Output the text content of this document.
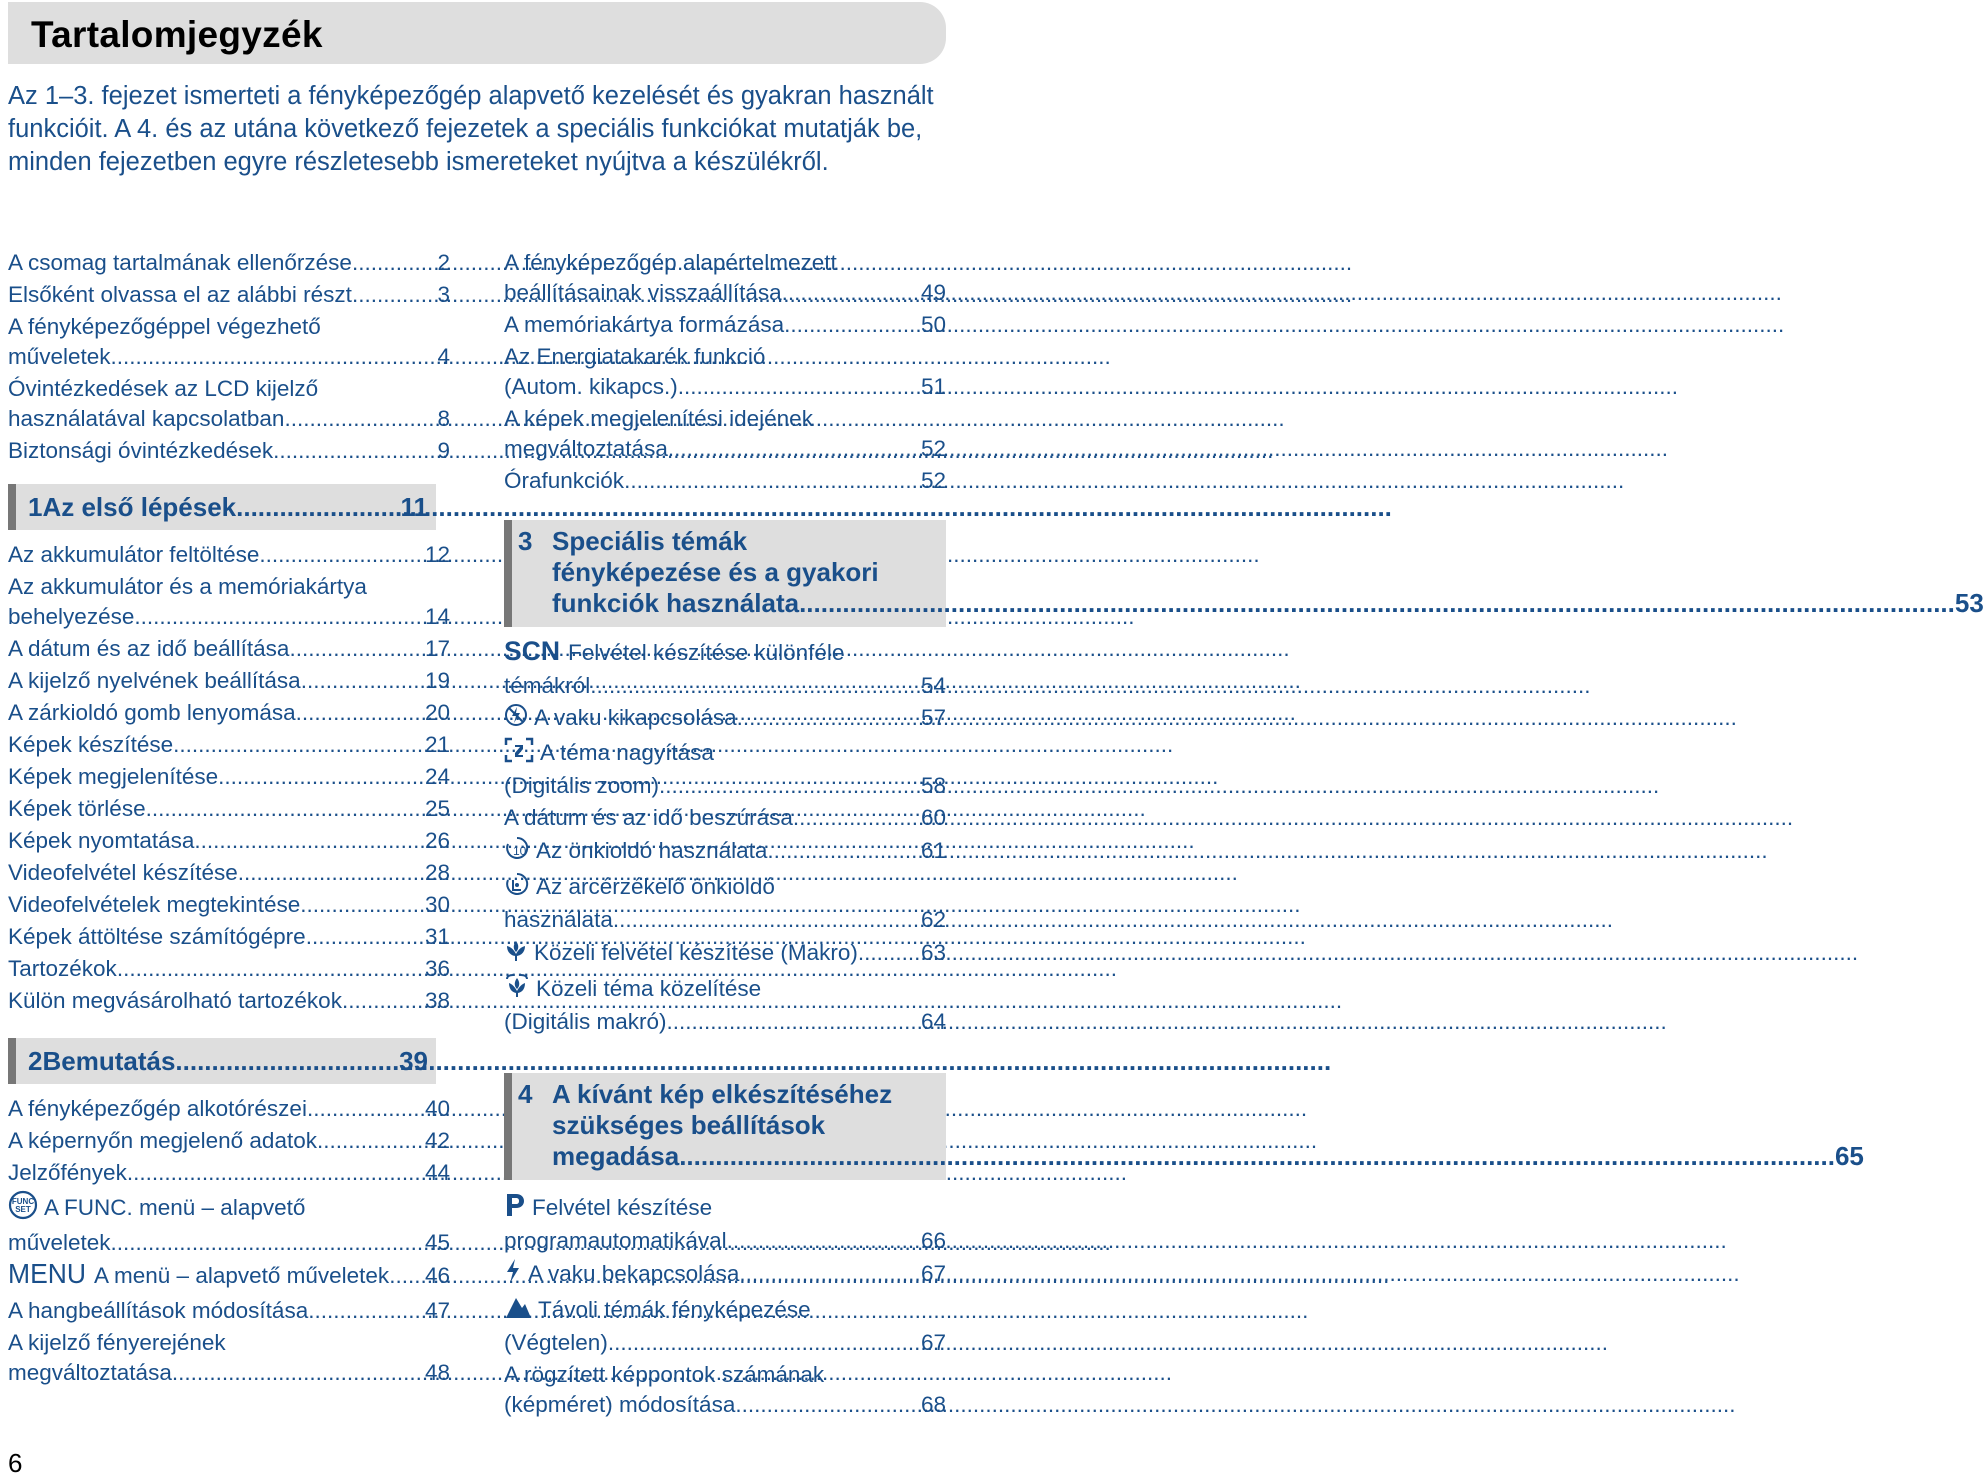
Tartalomjegyzék

Az 1–3. fejezet ismerteti a fényképezőgép alapvető kezelését és gyakran használt funkcióit. A 4. és az utána következő fejezetek a speciális funkciókat mutatják be, minden fejezetben egyre részletesebb ismereteket nyújtva a készülékről.

A csomag tartalmának ellenőrzése .....	2
Elsőként olvassa el az alábbi részt .....	3
A fényképezőgéppel végezhető
műveletek .....	4
Óvintézkedések az LCD kijelző
használatával kapcsolatban .....	8
Biztonsági óvintézkedések .....	9
1 Az első lépések .....	11
Az akkumulátor feltöltése .....	12
Az akkumulátor és a memóriakártya
behelyezése .....	14
A dátum és az idő beállítása .....	17
A kijelző nyelvének beállítása .....	19
A zárkioldó gomb lenyomása .....	20
Képek készítése .....	21
Képek megjelenítése .....	24
Képek törlése .....	25
Képek nyomtatása .....	26
Videofelvétel készítése .....	28
Videofelvételek megtekintése .....	30
Képek áttöltése számítógépre .....	31
Tartozékok .....	36
Külön megvásárolható tartozékok .....	38
2 Bemutatás .....	39
A fényképezőgép alkotórészei .....	40
A képernyőn megjelenő adatok .....	42
Jelzőfények .....	44
FUNC
SET A FUNC. menü – alapvető
műveletek .....	45
MENU A menü – alapvető műveletek ..... 46
A hangbeállítások módosítása .....	47
A kijelző fényerejének
megváltoztatása .....	48
A fényképezőgép alapértelmezett
beállításainak visszaállítása .....	49
A memóriakártya formázása .....	50
Az Energiatakarék funkció
(Autom. kikapcs.) .....	51
A képek megjelenítési idejének
megváltoztatása .....	52
Órafunkciók .....	52
3 Speciális témák
fényképezése és a gyakori
funkciók használata .....	53
SCN Felvétel készítése különféle
témákról .....	54
A vaku kikapcsolása .....	57
A téma nagyítása
(Digitális zoom) .....	58
A dátum és az idő beszúrása .....	60
10 Az önkioldó használata .....	61
Az arcérzékelő önkioldó
használata .....	62
Közeli felvétel készítése (Makro) .....	63
Közeli téma közelítése
(Digitális makró) .....	64
4 A kívánt kép elkészítéséhez
szükséges beállítások
megadása .....	65
Felvétel készítése
programautomatikával .....	66
A vaku bekapcsolása .....	67
Távoli témák fényképezése
(Végtelen) .....	67
A rögzített képpontok számának
(képméret) módosítása .....	68
6
